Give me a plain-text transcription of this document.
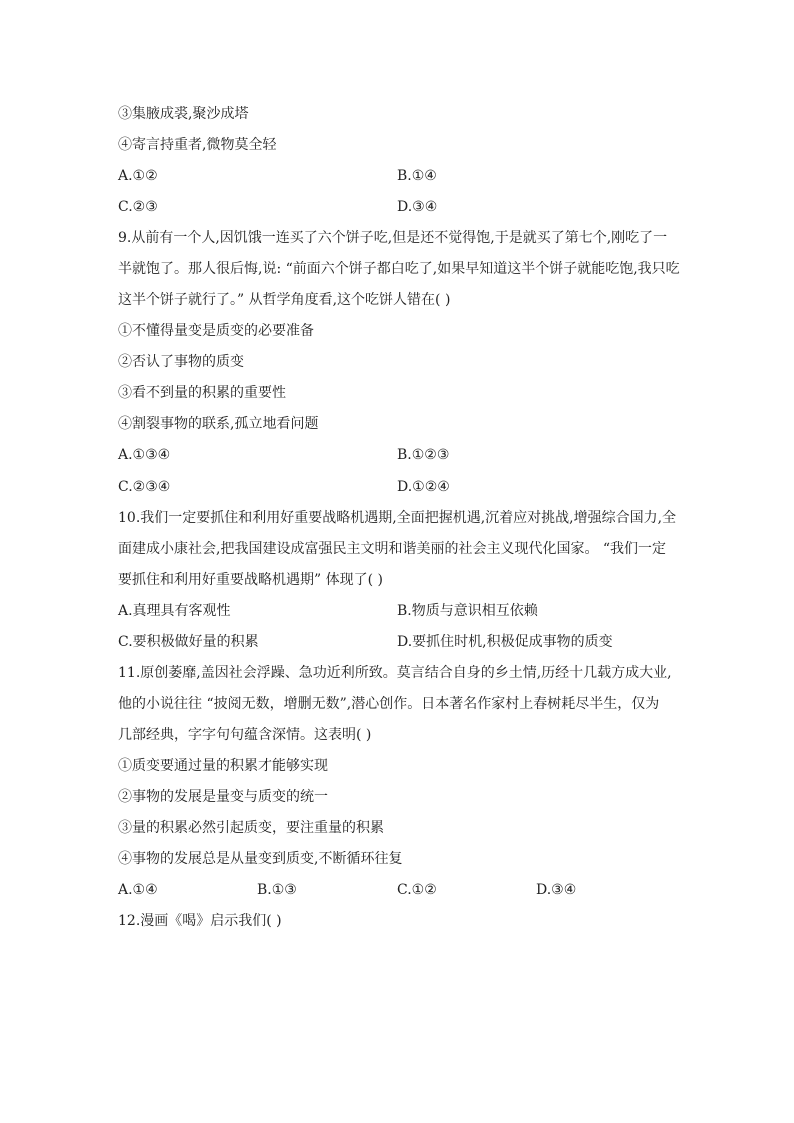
③集腋成裘,聚沙成塔
④寄言持重者,微物莫全轻
A.①②	B.①④
C.②③	D.③④
9.从前有一个人,因饥饿一连买了六个饼子吃,但是还不觉得饱,于是就买了第七个,刚吃了一
半就饱了。那人很后悔,说: “前面六个饼子都白吃了,如果早知道这半个饼子就能吃饱,我只吃
这半个饼子就行了。” 从哲学角度看,这个吃饼人错在( )
①不懂得量变是质变的必要准备
②否认了事物的质变
③看不到量的积累的重要性
④割裂事物的联系,孤立地看问题
A.①③④	B.①②③
C.②③④	D.①②④
10.我们一定要抓住和利用好重要战略机遇期,全面把握机遇,沉着应对挑战,增强综合国力,全
面建成小康社会,把我国建设成富强民主文明和谐美丽的社会主义现代化国家。 “我们一定
要抓住和利用好重要战略机遇期” 体现了( )
A.真理具有客观性	B.物质与意识相互依赖
C.要积极做好量的积累	D.要抓住时机,积极促成事物的质变
11.原创萎靡,盖因社会浮躁、急功近利所致。莫言结合自身的乡土情,历经十几载方成大业,
他的小说往往 “披阅无数，增删无数”,潜心创作。日本著名作家村上春树耗尽半生，仅为
几部经典，字字句句蕴含深情。这表明( )
①质变要通过量的积累才能够实现
②事物的发展是量变与质变的统一
③量的积累必然引起质变，要注重量的积累
④事物的发展总是从量变到质变,不断循环往复
A.①④	B.①③	C.①②	D.③④
12.漫画《喝》启示我们( )
